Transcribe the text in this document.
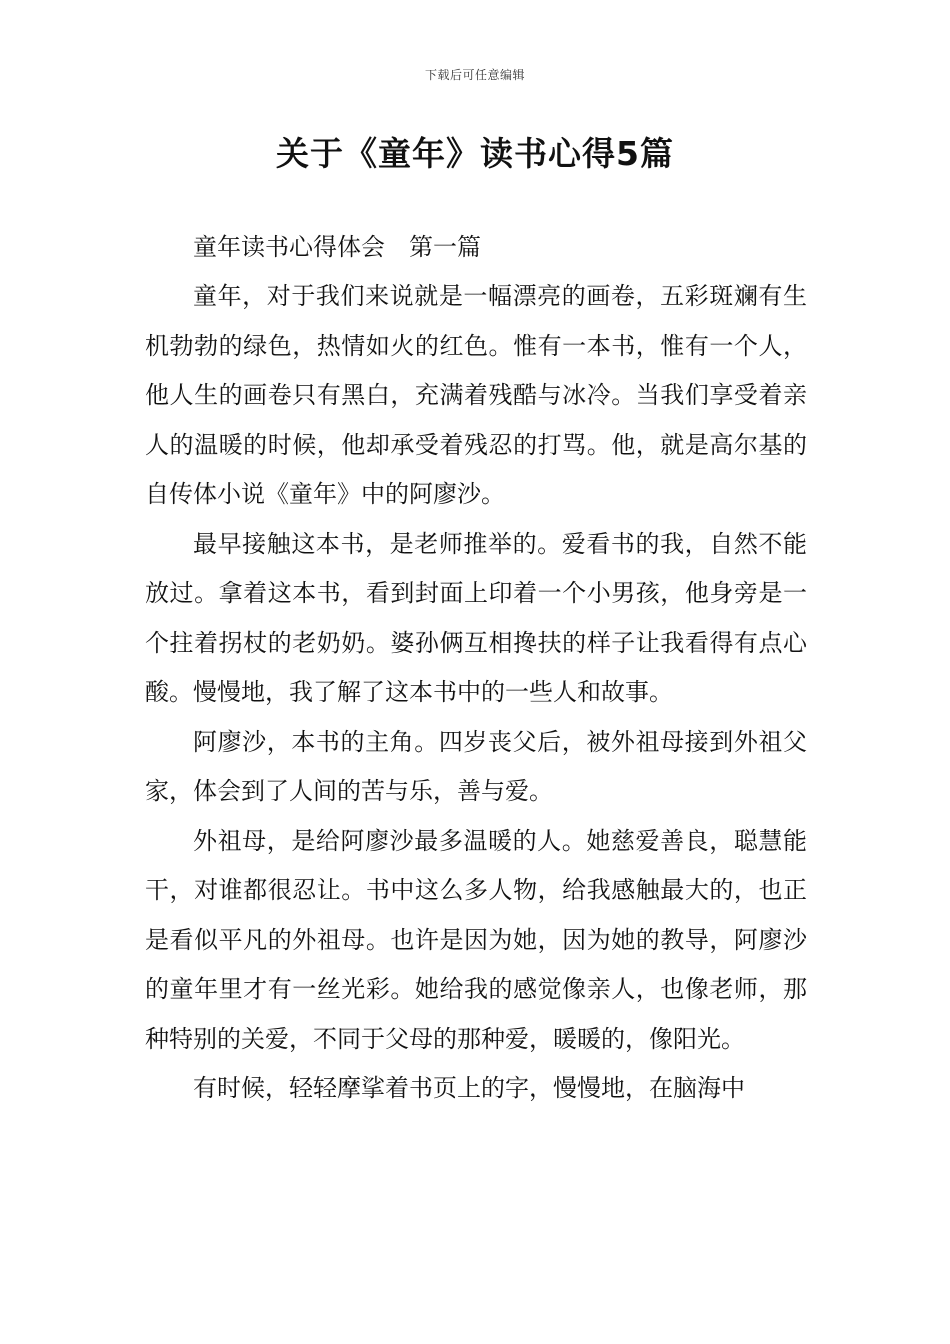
下载后可任意编辑
关于《童年》读书心得5篇

童年读书心得体会　第一篇

童年，对于我们来说就是一幅漂亮的画卷，五彩斑斓有生机勃勃的绿色，热情如火的红色。惟有一本书，惟有一个人，他人生的画卷只有黑白，充满着残酷与冰冷。当我们享受着亲人的温暖的时候，他却承受着残忍的打骂。他，就是高尔基的自传体小说《童年》中的阿廖沙。

最早接触这本书，是老师推举的。爱看书的我，自然不能放过。拿着这本书，看到封面上印着一个小男孩，他身旁是一个拄着拐杖的老奶奶。婆孙俩互相搀扶的样子让我看得有点心酸。慢慢地，我了解了这本书中的一些人和故事。

阿廖沙，本书的主角。四岁丧父后，被外祖母接到外祖父家，体会到了人间的苦与乐，善与爱。

外祖母，是给阿廖沙最多温暖的人。她慈爱善良，聪慧能干，对谁都很忍让。书中这么多人物，给我感触最大的，也正是看似平凡的外祖母。也许是因为她，因为她的教导，阿廖沙的童年里才有一丝光彩。她给我的感觉像亲人，也像老师，那种特别的关爱，不同于父母的那种爱，暖暖的，像阳光。

有时候，轻轻摩挲着书页上的字，慢慢地，在脑海中
